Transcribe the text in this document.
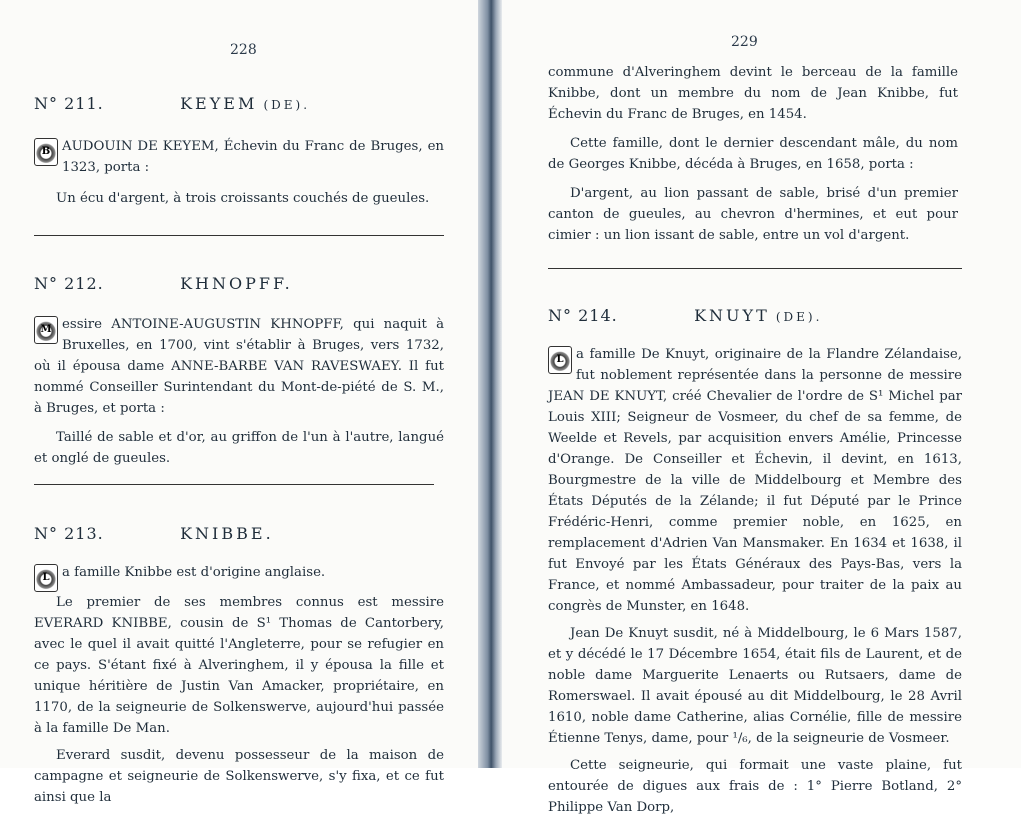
228
N° 211.	KEYEM (DE).

B AUDOUIN DE KEYEM, Échevin du Franc de Bruges, en 1323, porta :

Un écu d'argent, à trois croissants couchés de gueules.

N° 212.	KHNOPFF.

M essire ANTOINE-AUGUSTIN KHNOPFF, qui naquit à Bruxelles, en 1700, vint s'établir à Bruges, vers 1732, où il épousa dame ANNE-BARBE VAN RAVESWAEY. Il fut nommé Conseiller Surintendant du Mont-de-piété de S. M., à Bruges, et porta :

Taillé de sable et d'or, au griffon de l'un à l'autre, langué et onglé de gueules.

N° 213.	KNIBBE.

L a famille Knibbe est d'origine anglaise.

Le premier de ses membres connus est messire EVERARD KNIBBE, cousin de S¹ Thomas de Cantorbery, avec le quel il avait quitté l'Angleterre, pour se refugier en ce pays. S'étant fixé à Alveringhem, il y épousa la fille et unique héritière de Justin Van Amacker, propriétaire, en 1170, de la seigneurie de Solkenswerve, aujourd'hui passée à la famille De Man.

Everard susdit, devenu possesseur de la maison de campagne et seigneurie de Solkenswerve, s'y fixa, et ce fut ainsi que la

229

commune d'Alveringhem devint le berceau de la famille Knibbe, dont un membre du nom de Jean Knibbe, fut Échevin du Franc de Bruges, en 1454.

Cette famille, dont le dernier descendant mâle, du nom de Georges Knibbe, décéda à Bruges, en 1658, porta :

D'argent, au lion passant de sable, brisé d'un premier canton de gueules, au chevron d'hermines, et eut pour cimier : un lion issant de sable, entre un vol d'argent.

N° 214.	KNUYT (DE).

L a famille De Knuyt, originaire de la Flandre Zélandaise, fut noblement représentée dans la personne de messire JEAN DE KNUYT, créé Chevalier de l'ordre de S¹ Michel par Louis XIII; Seigneur de Vosmeer, du chef de sa femme, de Weelde et Revels, par acquisition envers Amélie, Princesse d'Orange. De Conseiller et Échevin, il devint, en 1613, Bourgmestre de la ville de Middelbourg et Membre des États Députés de la Zélande; il fut Député par le Prince Frédéric-Henri, comme premier noble, en 1625, en remplacement d'Adrien Van Mansmaker. En 1634 et 1638, il fut Envoyé par les États Généraux des Pays-Bas, vers la France, et nommé Ambassadeur, pour traiter de la paix au congrès de Munster, en 1648.

Jean De Knuyt susdit, né à Middelbourg, le 6 Mars 1587, et y décédé le 17 Décembre 1654, était fils de Laurent, et de noble dame Marguerite Lenaerts ou Rutsaers, dame de Romerswael. Il avait épousé au dit Middelbourg, le 28 Avril 1610, noble dame Catherine, alias Cornélie, fille de messire Étienne Tenys, dame, pour ¹/₆, de la seigneurie de Vosmeer.

Cette seigneurie, qui formait une vaste plaine, fut entourée de digues aux frais de : 1° Pierre Botland, 2° Philippe Van Dorp,
